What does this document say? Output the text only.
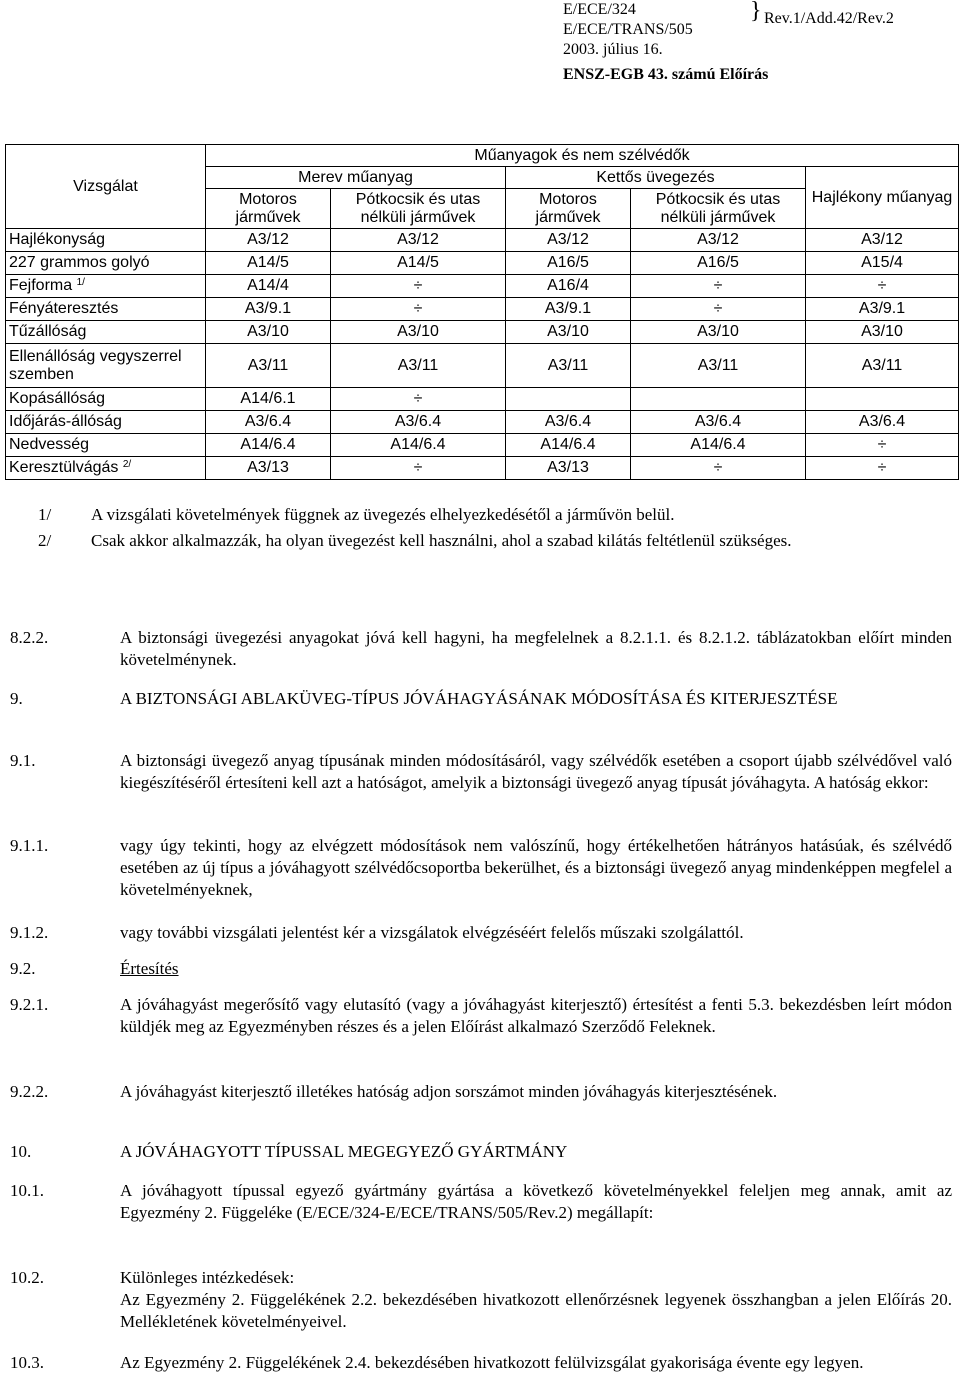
E/ECE/324
E/ECE/TRANS/505
2003. július 16.
} Rev.1/Add.42/Rev.2
ENSZ-EGB 43. számú Előírás
Vizsgálat	Műanyagok és nem szélvédők				
	Merev műanyag		Kettős üvegezés		Hajlékony műanyag
	Motoros járművek	Pótkocsik és utas nélküli járművek	Motoros járművek	Pótkocsik és utas nélküli járművek	
Hajlékonyság	A3/12	A3/12	A3/12	A3/12	A3/12
227 grammos golyó	A14/5	A14/5	A16/5	A16/5	A15/4
Fejforma $^{1/}$	A14/4	÷	A16/4	÷	÷
Fényáteresztés	A3/9.1	÷	A3/9.1	÷	A3/9.1
Tűzállóság	A3/10	A3/10	A3/10	A3/10	A3/10
Ellenállóság vegyszerrel szemben	A3/11	A3/11	A3/11	A3/11	A3/11
Kopásállóság	A14/6.1	÷			
Időjárás-állóság	A3/6.4	A3/6.4	A3/6.4	A3/6.4	A3/6.4
Nedvesség	A14/6.4	A14/6.4	A14/6.4	A14/6.4	÷
Keresztülvágás $^{2/}$	A3/13	÷	A3/13	÷	÷
1/ A vizsgálati követelmények függnek az üvegezés elhelyezkedésétől a járművön belül.
2/ Csak akkor alkalmazzák, ha olyan üvegezést kell használni, ahol a szabad kilátás feltétlenül szükséges.
8.2.2.	A biztonsági üvegezési anyagokat jóvá kell hagyni, ha megfelelnek a 8.2.1.1. és 8.2.1.2. táblázatokban előírt minden követelménynek.
9.	A BIZTONSÁGI ABLAKÜVEG-TÍPUS JÓVÁHAGYÁSÁNAK MÓDOSÍTÁSA ÉS KITERJESZTÉSE
9.1.	A biztonsági üvegező anyag típusának minden módosításáról, vagy szélvédők esetében a csoport újabb szélvédővel való kiegészítéséről értesíteni kell azt a hatóságot, amelyik a biztonsági üvegező anyag típusát jóváhagyta. A hatóság ekkor:
9.1.1.	vagy úgy tekinti, hogy az elvégzett módosítások nem valószínű, hogy értékelhetően hátrányos hatásúak, és szélvédő esetében az új típus a jóváhagyott szélvédőcsoportba bekerülhet, és a biztonsági üvegező anyag mindenképpen megfelel a követelményeknek,
9.1.2.	vagy további vizsgálati jelentést kér a vizsgálatok elvégzéséért felelős műszaki szolgálattól.
9.2.	Értesítés
9.2.1.	A jóváhagyást megerősítő vagy elutasító (vagy a jóváhagyást kiterjesztő) értesítést a fenti 5.3. bekezdésben leírt módon küldjék meg az Egyezményben részes és a jelen Előírást alkalmazó Szerződő Feleknek.
9.2.2.	A jóváhagyást kiterjesztő illetékes hatóság adjon sorszámot minden jóváhagyás kiterjesztésének.
10.	A JÓVÁHAGYOTT TÍPUSSAL MEGEGYEZŐ GYÁRTMÁNY
10.1.	A jóváhagyott típussal egyező gyártmány gyártása a következő követelményekkel feleljen meg annak, amit az Egyezmény 2. Függeléke (E/ECE/324-E/ECE/TRANS/505/Rev.2) megállapít:
10.2.	Különleges intézkedések:
Az Egyezmény 2. Függelékének 2.2. bekezdésében hivatkozott ellenőrzésnek legyenek összhangban a jelen Előírás 20. Mellékletének követelményeivel.
10.3.	Az Egyezmény 2. Függelékének 2.4. bekezdésében hivatkozott felülvizsgálat gyakorisága évente egy legyen.
